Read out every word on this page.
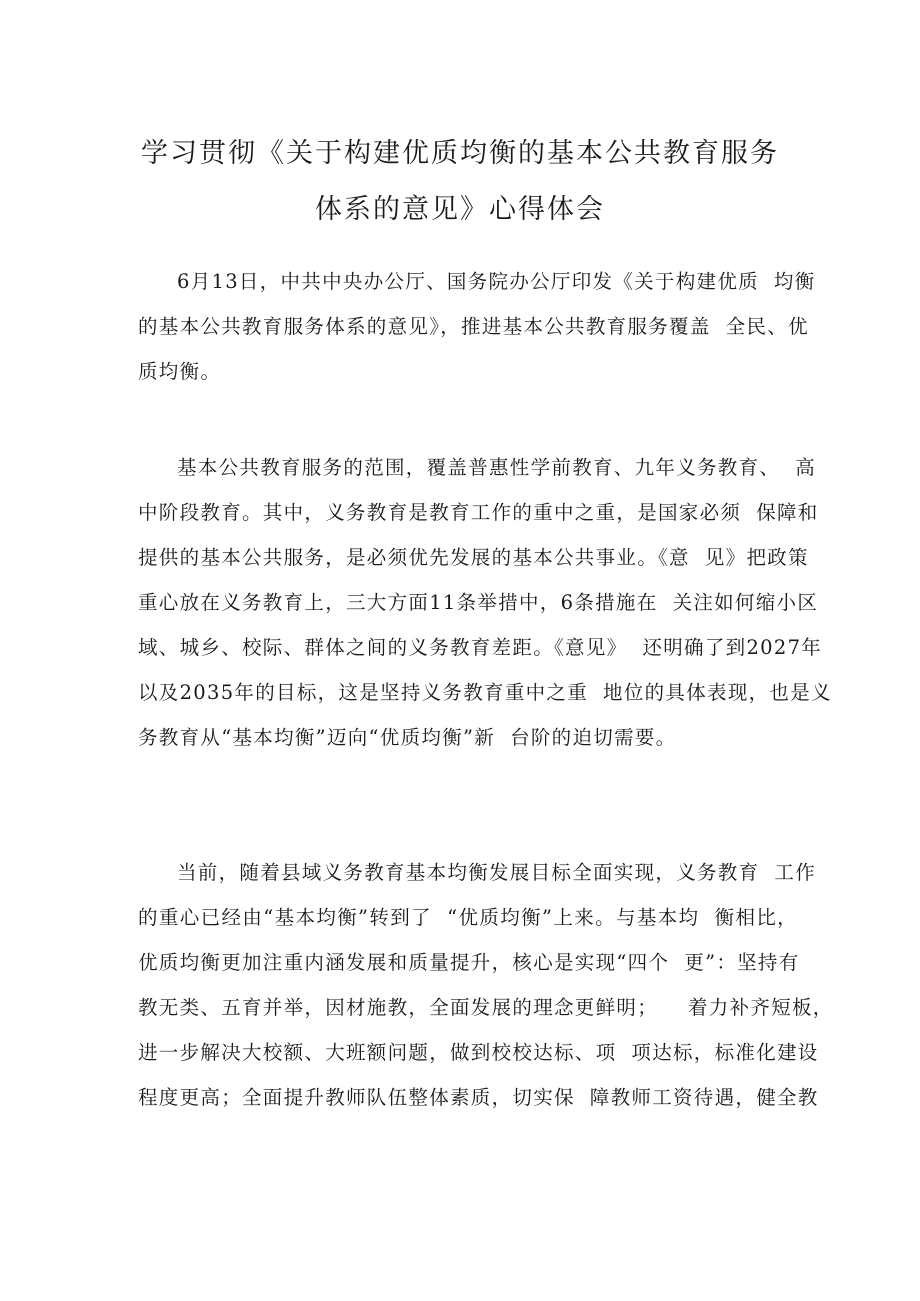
学习贯彻《关于构建优质均衡的基本公共教育服务
体系的意见》心得体会
6月13日，中共中央办公厅、国务院办公厅印发《关于构建优质  均衡
的基本公共教育服务体系的意见》，推进基本公共教育服务覆盖  全民、优
质均衡。
基本公共教育服务的范围，覆盖普惠性学前教育、九年义务教育、  高
中阶段教育。其中，义务教育是教育工作的重中之重，是国家必须  保障和
提供的基本公共服务，是必须优先发展的基本公共事业。《意  见》把政策
重心放在义务教育上，三大方面11条举措中，6条措施在  关注如何缩小区
域、城乡、校际、群体之间的义务教育差距。《意见》  还明确了到2027年
以及2035年的目标，这是坚持义务教育重中之重  地位的具体表现，也是义
务教育从“基本均衡”迈向“优质均衡”新  台阶的迫切需要。
当前，随着县域义务教育基本均衡发展目标全面实现，义务教育  工作
的重心已经由“基本均衡”转到了  “优质均衡”上来。与基本均  衡相比，
优质均衡更加注重内涵发展和质量提升，核心是实现“四个  更”：坚持有
教无类、五育并举，因材施教，全面发展的理念更鲜明；    着力补齐短板，
进一步解决大校额、大班额问题，做到校校达标、项  项达标，标准化建设
程度更高；全面提升教师队伍整体素质，切实保  障教师工资待遇，健全教
